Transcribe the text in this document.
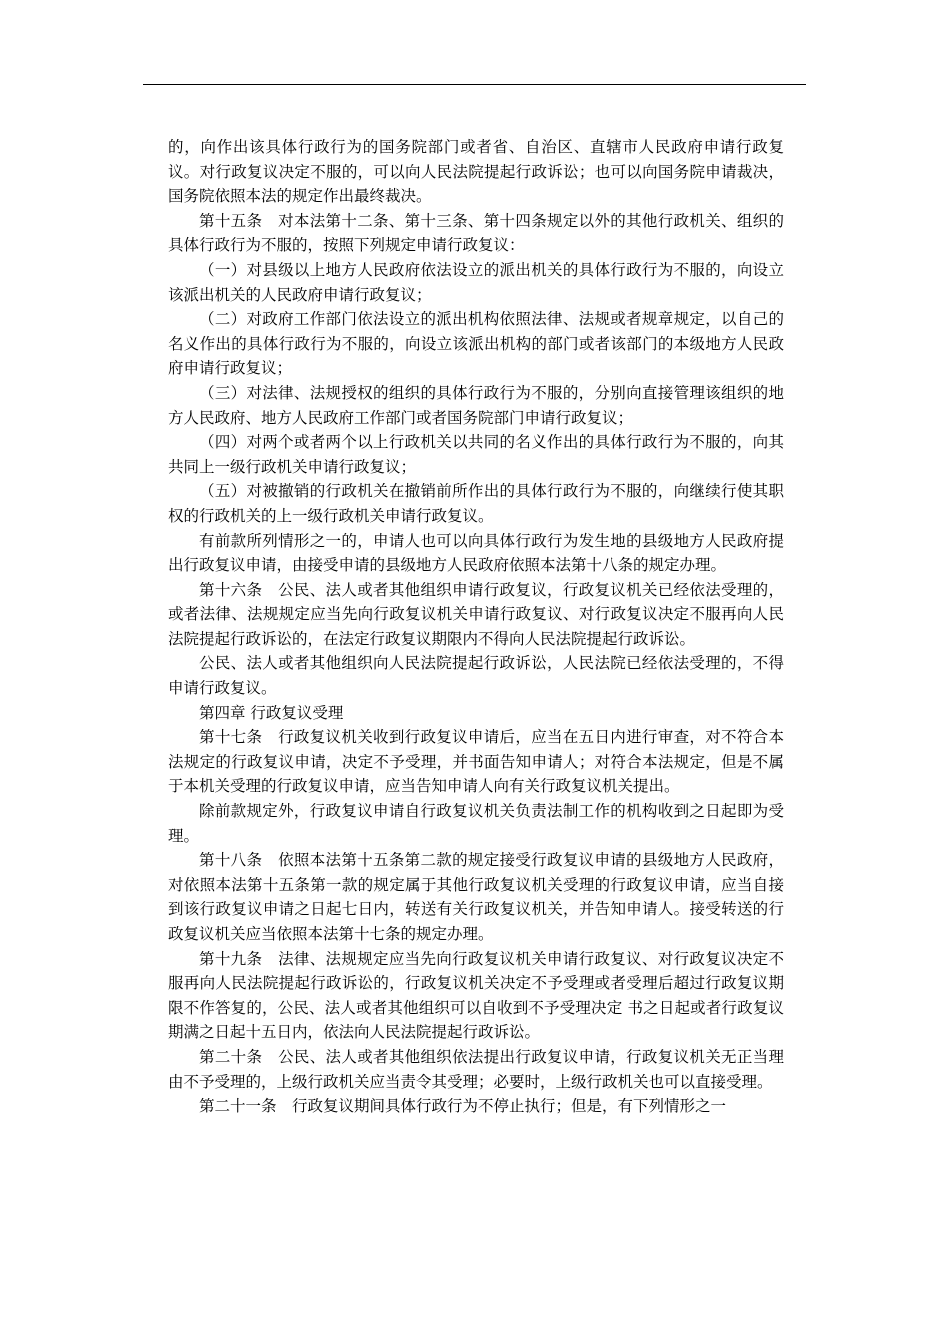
的，向作出该具体行政行为的国务院部门或者省、自治区、直辖市人民政府申请行政复议。对行政复议决定不服的，可以向人民法院提起行政诉讼；也可以向国务院申请裁决，国务院依照本法的规定作出最终裁决。

第十五条　对本法第十二条、第十三条、第十四条规定以外的其他行政机关、组织的具体行政行为不服的，按照下列规定申请行政复议：

（一）对县级以上地方人民政府依法设立的派出机关的具体行政行为不服的，向设立该派出机关的人民政府申请行政复议；

（二）对政府工作部门依法设立的派出机构依照法律、法规或者规章规定，以自己的名义作出的具体行政行为不服的，向设立该派出机构的部门或者该部门的本级地方人民政府申请行政复议；

（三）对法律、法规授权的组织的具体行政行为不服的，分别向直接管理该组织的地方人民政府、地方人民政府工作部门或者国务院部门申请行政复议；

（四）对两个或者两个以上行政机关以共同的名义作出的具体行政行为不服的，向其共同上一级行政机关申请行政复议；

（五）对被撤销的行政机关在撤销前所作出的具体行政行为不服的，向继续行使其职权的行政机关的上一级行政机关申请行政复议。

有前款所列情形之一的，申请人也可以向具体行政行为发生地的县级地方人民政府提出行政复议申请，由接受申请的县级地方人民政府依照本法第十八条的规定办理。

第十六条　公民、法人或者其他组织申请行政复议，行政复议机关已经依法受理的，或者法律、法规规定应当先向行政复议机关申请行政复议、对行政复议决定不服再向人民法院提起行政诉讼的，在法定行政复议期限内不得向人民法院提起行政诉讼。

公民、法人或者其他组织向人民法院提起行政诉讼，人民法院已经依法受理的，不得申请行政复议。

第四章 行政复议受理

第十七条　行政复议机关收到行政复议申请后，应当在五日内进行审查，对不符合本法规定的行政复议申请，决定不予受理，并书面告知申请人；对符合本法规定，但是不属于本机关受理的行政复议申请，应当告知申请人向有关行政复议机关提出。

除前款规定外，行政复议申请自行政复议机关负责法制工作的机构收到之日起即为受理。

第十八条　依照本法第十五条第二款的规定接受行政复议申请的县级地方人民政府，对依照本法第十五条第一款的规定属于其他行政复议机关受理的行政复议申请，应当自接到该行政复议申请之日起七日内，转送有关行政复议机关，并告知申请人。接受转送的行政复议机关应当依照本法第十七条的规定办理。

第十九条　法律、法规规定应当先向行政复议机关申请行政复议、对行政复议决定不服再向人民法院提起行政诉讼的，行政复议机关决定不予受理或者受理后超过行政复议期限不作答复的，公民、法人或者其他组织可以自收到不予受理决定 书之日起或者行政复议期满之日起十五日内，依法向人民法院提起行政诉讼。

第二十条　公民、法人或者其他组织依法提出行政复议申请，行政复议机关无正当理由不予受理的，上级行政机关应当责令其受理；必要时，上级行政机关也可以直接受理。

第二十一条　行政复议期间具体行政行为不停止执行；但是，有下列情形之一
